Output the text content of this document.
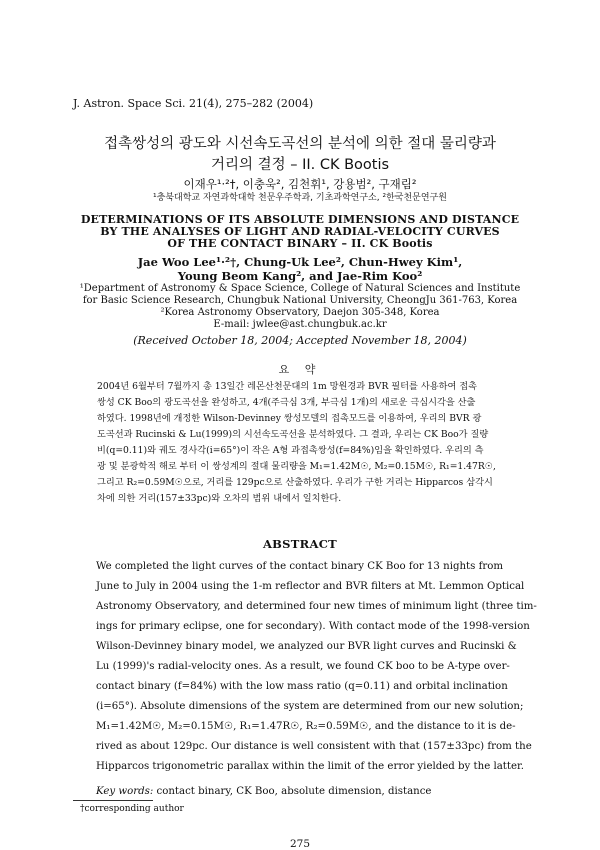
J. Astron. Space Sci. 21(4), 275–282 (2004)
접촉쌍성의 광도와 시선속도곡선의 분석에 의한 절대 물리량과
거리의 결정 – II. CK Bootis
이재우¹·²†, 이충욱², 김천휘¹, 강용범², 구재림²
¹충북대학교 자연과학대학 천문우주학과, 기초과학연구소, ²한국천문연구원
DETERMINATIONS OF ITS ABSOLUTE DIMENSIONS AND DISTANCE
BY THE ANALYSES OF LIGHT AND RADIAL-VELOCITY CURVES
OF THE CONTACT BINARY – II. CK Bootis
Jae Woo Lee¹·²†, Chung-Uk Lee², Chun-Hwey Kim¹,
Young Beom Kang², and Jae-Rim Koo²
¹Department of Astronomy & Space Science, College of Natural Sciences and Institute
for Basic Science Research, Chungbuk National University, CheongJu 361-763, Korea
²Korea Astronomy Observatory, Daejon 305-348, Korea
E-mail: jwlee@ast.chungbuk.ac.kr
(Received October 18, 2004; Accepted November 18, 2004)
요 약
2004년 6월부터 7월까지 총 13일간 레몬산천문대의 1m 망원경과 BVR 필터를 사용하여 접촉
쌍성 CK Boo의 광도곡선을 완성하고, 4개(주극심 3개, 부극심 1개)의 새로운 극심시각을 산출
하였다. 1998년에 개정한 Wilson-Devinney 쌍성모델의 접촉모드를 이용하여, 우리의 BVR 광
도곡선과 Rucinski & Lu(1999)의 시선속도곡선을 분석하였다. 그 결과, 우리는 CK Boo가 질량
비(q=0.11)와 궤도 경사각(i=65°)이 작은 A형 과접촉쌍성(f=84%)임을 확인하였다. 우리의 측
광 및 분광학적 해로 부터 이 쌍성계의 절대 물리량을 M₁=1.42M☉, M₂=0.15M☉, R₁=1.47R☉,
그리고 R₂=0.59M☉으로, 거리를 129pc으로 산출하였다. 우리가 구한 거리는 Hipparcos 삼각시
차에 의한 거리(157±33pc)와 오차의 범위 내에서 일치한다.
ABSTRACT
We completed the light curves of the contact binary CK Boo for 13 nights from
June to July in 2004 using the 1-m reflector and BVR filters at Mt. Lemmon Optical
Astronomy Observatory, and determined four new times of minimum light (three tim-
ings for primary eclipse, one for secondary). With contact mode of the 1998-version
Wilson-Devinney binary model, we analyzed our BVR light curves and Rucinski &
Lu (1999)'s radial-velocity ones. As a result, we found CK boo to be A-type over-
contact binary (f=84%) with the low mass ratio (q=0.11) and orbital inclination
(i=65°). Absolute dimensions of the system are determined from our new solution;
M₁=1.42M☉, M₂=0.15M☉, R₁=1.47R☉, R₂=0.59M☉, and the distance to it is de-
rived as about 129pc. Our distance is well consistent with that (157±33pc) from the
Hipparcos trigonometric parallax within the limit of the error yielded by the latter.
Key words: contact binary, CK Boo, absolute dimension, distance
†corresponding author
275
